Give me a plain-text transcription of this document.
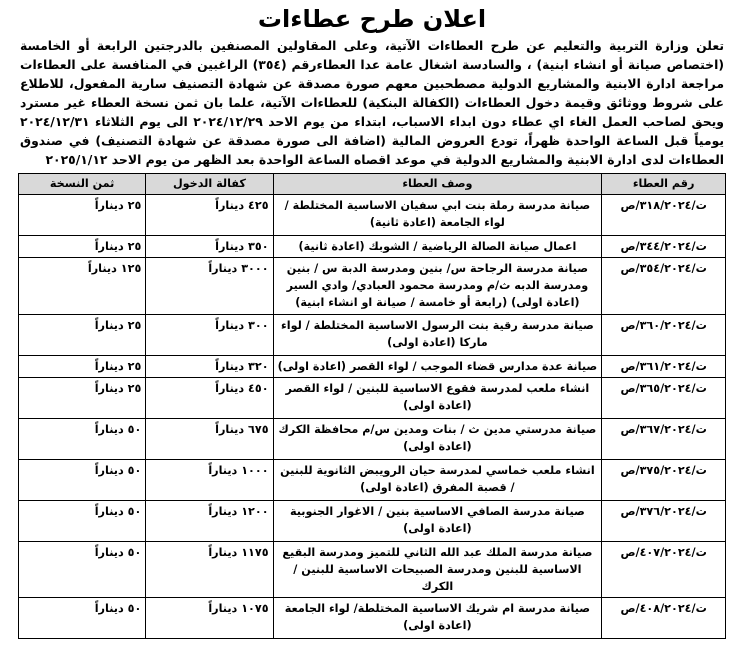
اعلان طرح عطاءات
تعلن وزارة التربية والتعليم عن طرح العطاءات الآتية، وعلى المقاولين المصنفين بالدرجتين الرابعة أو الخامسة (اختصاص صيانة أو انشاء ابنية) ، والسادسة اشغال عامة عدا العطاءرقم (٣٥٤) الراغبين في المنافسة على العطاءات مراجعة ادارة الابنية والمشاريع الدولية مصطحبين معهم صورة مصدقة عن شهادة التصنيف سارية المفعول، للاطلاع على شروط ووثائق وقيمة دخول العطاءات (الكفالة البنكية) للعطاءات الآتية، علما بان ثمن نسخة العطاء غير مسترد ويحق لصاحب العمل الغاء اي عطاء دون ابداء الاسباب، ابتداء من يوم الاحد ٢٠٢٤/١٢/٢٩ الى يوم الثلاثاء ٢٠٢٤/١٢/٣١ يومياً قبل الساعة الواحدة ظهراً، تودع العروض المالية (اضافة الى صورة مصدقة عن شهادة التصنيف) في صندوق العطاءات لدى ادارة الابنية والمشاريع الدولية في موعد اقصاه الساعة الواحدة بعد الظهر من يوم الاحد ٢٠٢٥/١/١٢
رقم العطاء	وصف العطاء	كفالة الدخول	ثمن النسخة
ت/٣١٨/٢٠٢٤/ص	صيانة مدرسة رملة بنت ابي سفيان الاساسية المختلطة / لواء الجامعة (اعادة ثانية)	٤٢٥ ديناراً	٢٥ ديناراً
ت/٣٤٤/٢٠٢٤/ص	اعمال صيانة الصالة الرياضية / الشوبك (اعادة ثانية)	٣٥٠ ديناراً	٢٥ ديناراً
ت/٣٥٤/٢٠٢٤/ص	صيانة مدرسة الرجاحة س/ بنين ومدرسة الدبة س / بنين ومدرسة الدبه ث/م ومدرسة محمود العبادي/ وادي السير (اعادة اولى) (رابعة أو خامسة / صيانة او انشاء ابنية)	٣٠٠٠ ديناراً	١٢٥ ديناراً
ت/٣٦٠/٢٠٢٤/ص	صيانة مدرسة رقية بنت الرسول الاساسية المختلطة / لواء ماركا (اعادة اولى)	٣٠٠ ديناراً	٢٥ ديناراً
ت/٣٦١/٢٠٢٤/ص	صيانة عدة مدارس قضاء الموجب / لواء القصر (اعادة اولى)	٣٢٠ ديناراً	٢٥ ديناراً
ت/٣٦٥/٢٠٢٤/ص	انشاء ملعب لمدرسة فقوع الاساسية للبنين / لواء القصر (اعادة اولى)	٤٥٠ ديناراً	٢٥ ديناراً
ت/٣٦٧/٢٠٢٤/ص	صيانة مدرستي مدين ث / بنات ومدين س/م محافظة الكرك (اعادة اولى)	٦٧٥ ديناراً	٥٠ ديناراً
ت/٣٧٥/٢٠٢٤/ص	انشاء ملعب خماسي لمدرسة حيان الرويبض الثانوية للبنين / قصبة المفرق (اعادة اولى)	١٠٠٠ ديناراً	٥٠ ديناراً
ت/٣٧٦/٢٠٢٤/ص	صيانة مدرسة الصافي الاساسية بنين / الاغوار الجنوبية (اعادة اولى)	١٢٠٠ ديناراً	٥٠ ديناراً
ت/٤٠٧/٢٠٢٤/ص	صيانة مدرسة الملك عبد الله الثاني للتميز ومدرسة البقيع الاساسية للبنين ومدرسة الصبيحات الاساسية للبنين / الكرك	١١٧٥ ديناراً	٥٠ ديناراً
ت/٤٠٨/٢٠٢٤/ص	صيانة مدرسة ام شريك الاساسية المختلطة/ لواء الجامعة (اعادة اولى)	١٠٧٥ ديناراً	٥٠ ديناراً
